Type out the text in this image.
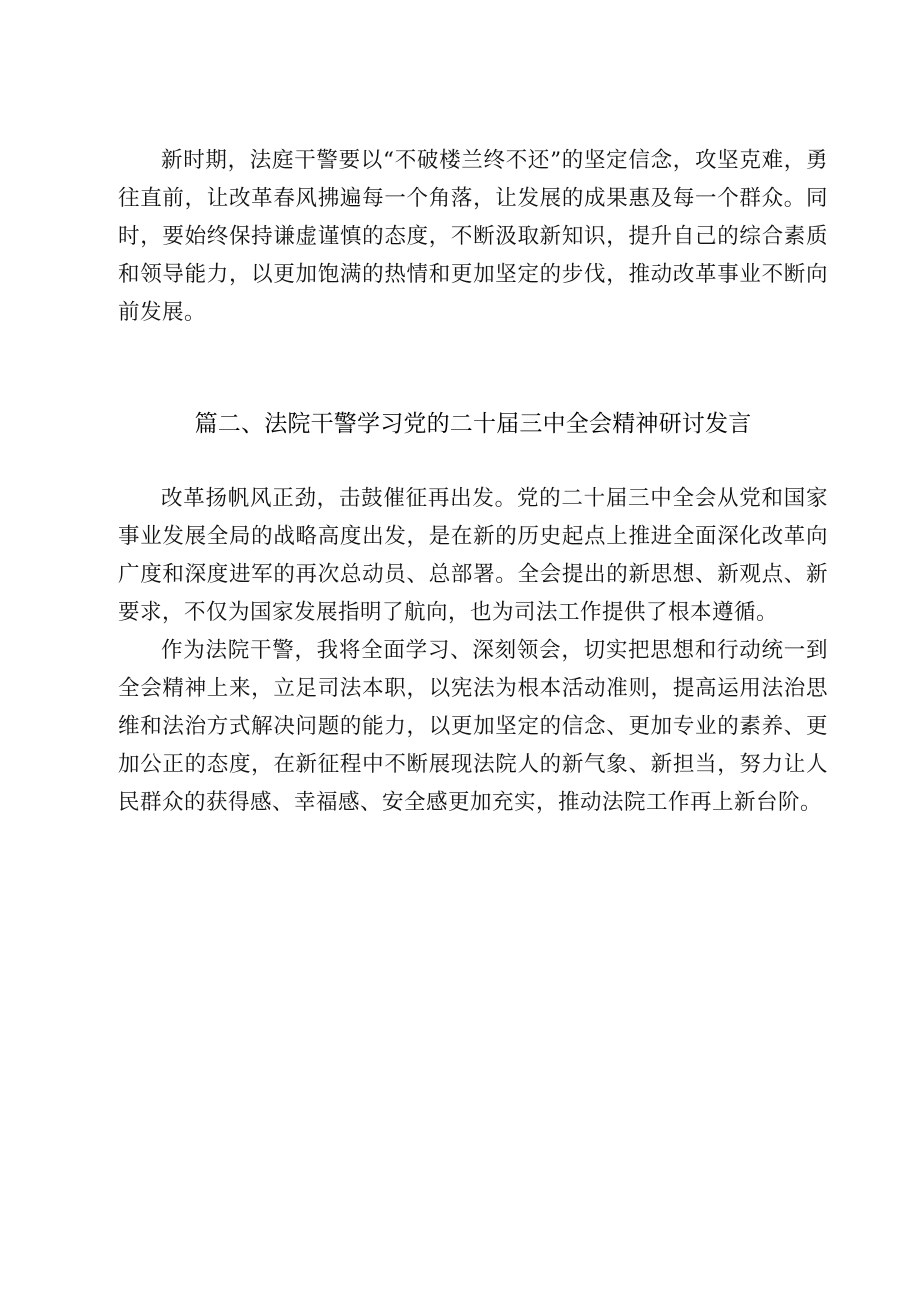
新时期，法庭干警要以“不破楼兰终不还”的坚定信念，攻坚克难，勇往直前，让改革春风拂遍每一个角落，让发展的成果惠及每一个群众。同时，要始终保持谦虚谨慎的态度，不断汲取新知识，提升自己的综合素质和领导能力，以更加饱满的热情和更加坚定的步伐，推动改革事业不断向前发展。

篇二、法院干警学习党的二十届三中全会精神研讨发言

改革扬帆风正劲，击鼓催征再出发。党的二十届三中全会从党和国家事业发展全局的战略高度出发，是在新的历史起点上推进全面深化改革向广度和深度进军的再次总动员、总部署。全会提出的新思想、新观点、新要求，不仅为国家发展指明了航向，也为司法工作提供了根本遵循。

作为法院干警，我将全面学习、深刻领会，切实把思想和行动统一到全会精神上来，立足司法本职，以宪法为根本活动准则，提高运用法治思维和法治方式解决问题的能力，以更加坚定的信念、更加专业的素养、更加公正的态度，在新征程中不断展现法院人的新气象、新担当，努力让人民群众的获得感、幸福感、安全感更加充实，推动法院工作再上新台阶。
